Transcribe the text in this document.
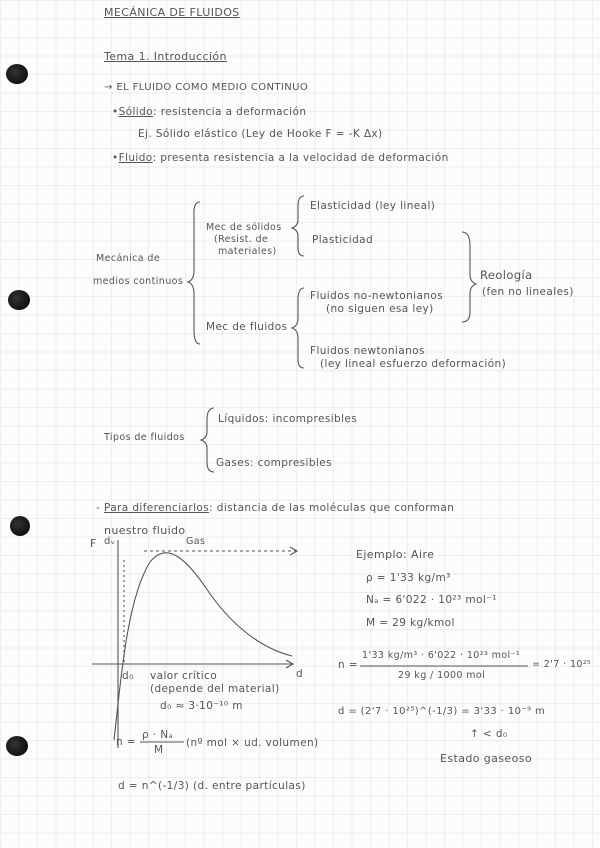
MECÁNICA DE FLUIDOS
Tema 1. Introducción
→ EL FLUIDO COMO MEDIO CONTINUO
•Sólido: resistencia a deformación
Ej. Sólido elástico (Ley de Hooke F = -K Δx)
•Fluido: presenta resistencia a la velocidad de deformación
Mecánica de
medios continuos
Mec de sólidos
(Resist. de
materiales)
Elasticidad (ley lineal)
Plasticidad
Mec de fluidos
Fluidos no-newtonianos
(no siguen esa ley)
Fluidos newtonianos
(ley lineal esfuerzo deformación)
Reología
(fen no lineales)
Tipos de fluidos
Líquidos: incompresibles
Gases: compresibles
- Para diferenciarlos: distancia de las moléculas que conforman
nuestro fluido
F dᵥ	Gas
d
d₀ valor crítico
(depende del material)
d₀ ≈ 3·10⁻¹⁰ m
n =
ρ · Nₐ
M
(nº mol × ud. volumen)
d = n^(-1/3) (d. entre partículas)
Ejemplo: Aire
ρ = 1'33 kg/m³
Nₐ = 6'022 · 10²³ mol⁻¹
M = 29 kg/kmol
n =
1'33 kg/m³ · 6'022 · 10²³ mol⁻¹
29 kg / 1000 mol
= 2'7 · 10²⁵
d = (2'7 · 10²⁵)^(-1/3) = 3'33 · 10⁻⁹ m
↑ < d₀
Estado gaseoso
